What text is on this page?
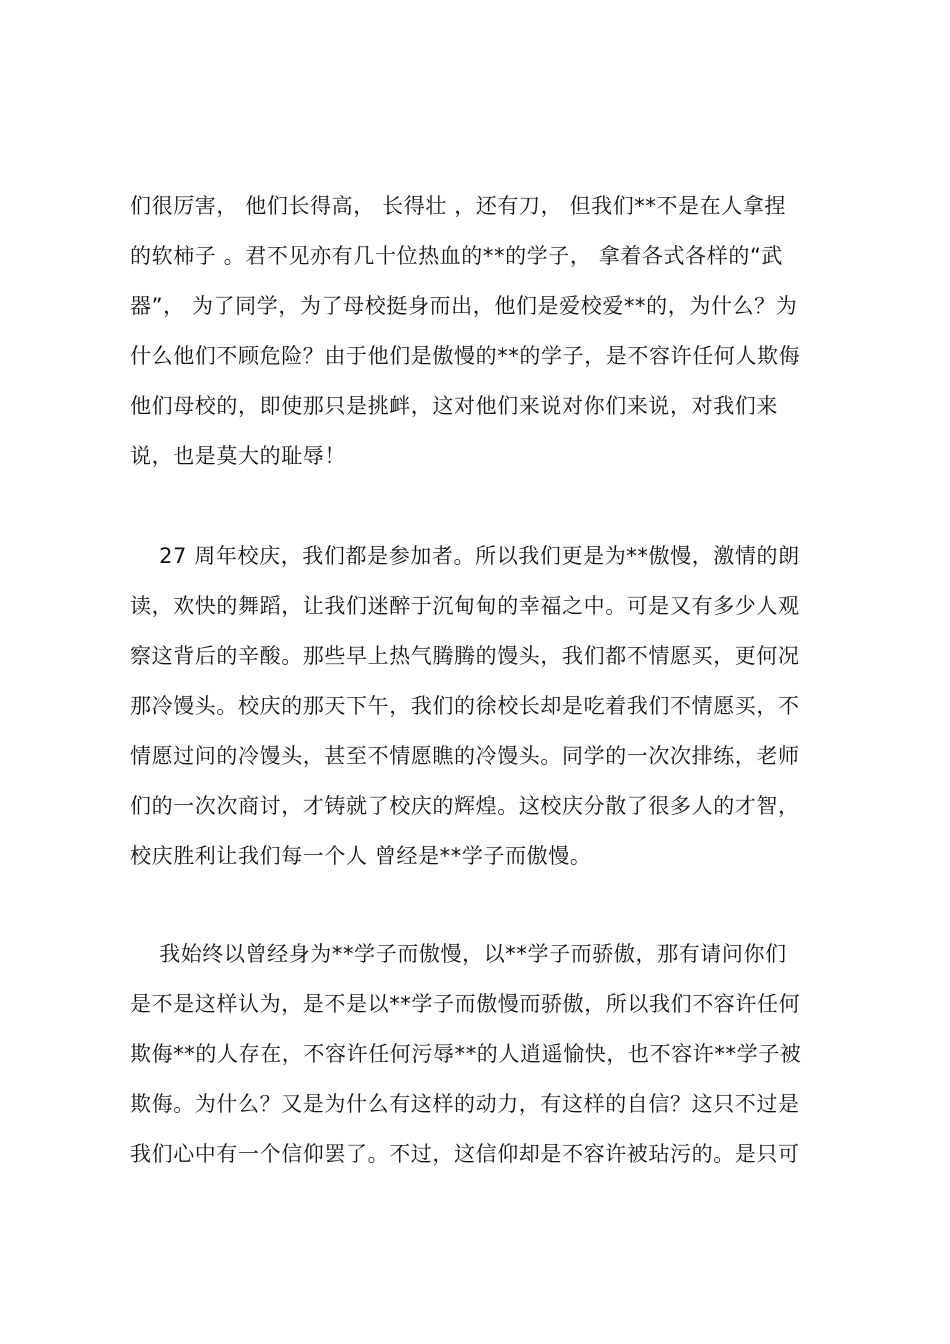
们很厉害， 他们长得高， 长得壮 ，还有刀， 但我们**不是在人拿捏
的软柿子 。君不见亦有几十位热血的**的学子， 拿着各式各样的“武
器”， 为了同学，为了母校挺身而出，他们是爱校爱**的，为什么？为
什么他们不顾危险？由于他们是傲慢的**的学子，是不容许任何人欺侮
他们母校的，即使那只是挑衅，这对他们来说对你们来说，对我们来
说，也是莫大的耻辱！
27 周年校庆，我们都是参加者。所以我们更是为**傲慢，激情的朗
读，欢快的舞蹈，让我们迷醉于沉甸甸的幸福之中。可是又有多少人观
察这背后的辛酸。那些早上热气腾腾的馒头，我们都不情愿买，更何况
那冷馒头。校庆的那天下午，我们的徐校长却是吃着我们不情愿买，不
情愿过问的冷馒头，甚至不情愿瞧的冷馒头。同学的一次次排练，老师
们的一次次商讨，才铸就了校庆的辉煌。这校庆分散了很多人的才智，
校庆胜利让我们每一个人 曾经是**学子而傲慢。
我始终以曾经身为**学子而傲慢，以**学子而骄傲，那有请问你们
是不是这样认为，是不是以**学子而傲慢而骄傲，所以我们不容许任何
欺侮**的人存在，不容许任何污辱**的人逍遥愉快，也不容许**学子被
欺侮。为什么？又是为什么有这样的动力，有这样的自信？这只不过是
我们心中有一个信仰罢了。不过，这信仰却是不容许被玷污的。是只可
